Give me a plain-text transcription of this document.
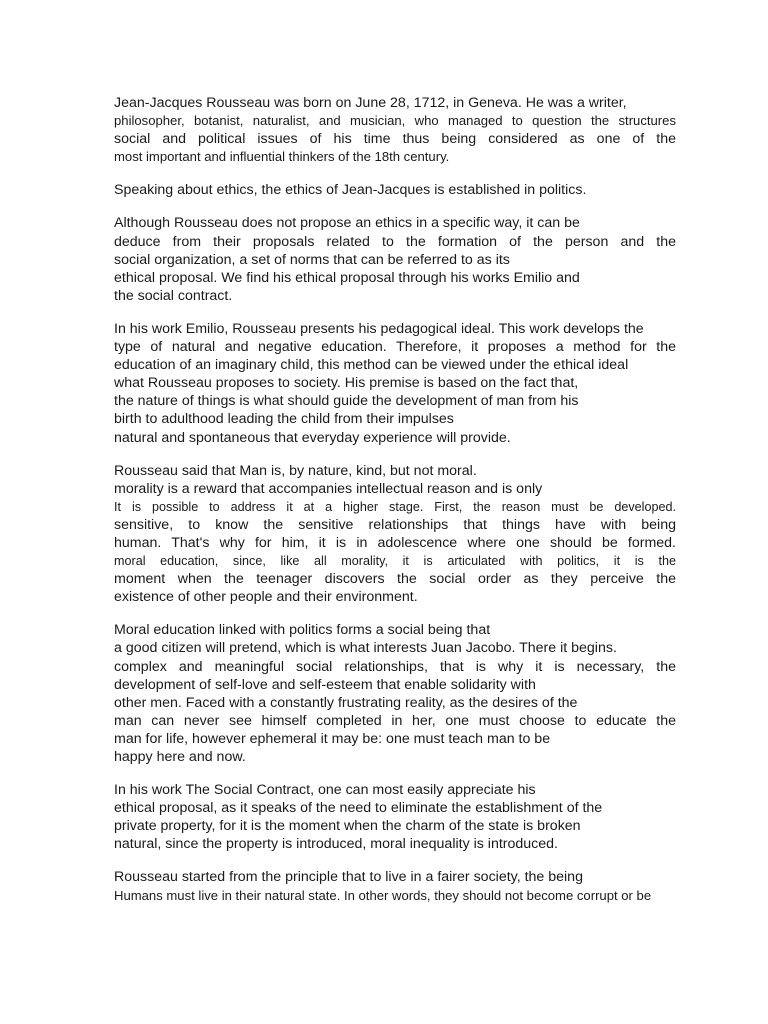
Jean-Jacques Rousseau was born on June 28, 1712, in Geneva. He was a writer,
philosopher, botanist, naturalist, and musician, who managed to question the structures
social and political issues of his time thus being considered as one of the
most important and influential thinkers of the 18th century.

Speaking about ethics, the ethics of Jean-Jacques is established in politics.

Although Rousseau does not propose an ethics in a specific way, it can be
deduce from their proposals related to the formation of the person and the
social organization, a set of norms that can be referred to as its
ethical proposal. We find his ethical proposal through his works Emilio and
the social contract.

In his work Emilio, Rousseau presents his pedagogical ideal. This work develops the
type of natural and negative education. Therefore, it proposes a method for the
education of an imaginary child, this method can be viewed under the ethical ideal
what Rousseau proposes to society. His premise is based on the fact that,
the nature of things is what should guide the development of man from his
birth to adulthood leading the child from their impulses
natural and spontaneous that everyday experience will provide.

Rousseau said that Man is, by nature, kind, but not moral.
morality is a reward that accompanies intellectual reason and is only
It is possible to address it at a higher stage. First, the reason must be developed.
sensitive, to know the sensitive relationships that things have with being
human. That's why for him, it is in adolescence where one should be formed.
moral education, since, like all morality, it is articulated with politics, it is the
moment when the teenager discovers the social order as they perceive the
existence of other people and their environment.

Moral education linked with politics forms a social being that
a good citizen will pretend, which is what interests Juan Jacobo. There it begins.
complex and meaningful social relationships, that is why it is necessary, the
development of self-love and self-esteem that enable solidarity with
other men. Faced with a constantly frustrating reality, as the desires of the
man can never see himself completed in her, one must choose to educate the
man for life, however ephemeral it may be: one must teach man to be
happy here and now.

In his work The Social Contract, one can most easily appreciate his
ethical proposal, as it speaks of the need to eliminate the establishment of the
private property, for it is the moment when the charm of the state is broken
natural, since the property is introduced, moral inequality is introduced.

Rousseau started from the principle that to live in a fairer society, the being
Humans must live in their natural state. In other words, they should not become corrupt or be
